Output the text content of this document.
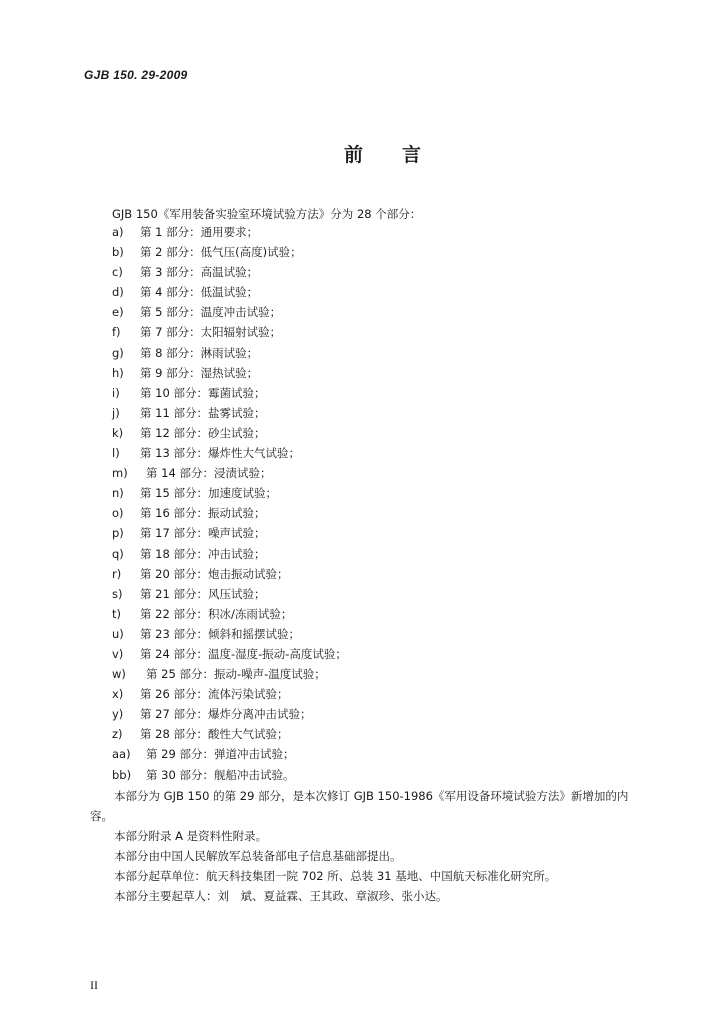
GJB 150. 29-2009
前 言
GJB 150《军用装备实验室环境试验方法》分为 28 个部分：
a)	第 1 部分：通用要求；
b)	第 2 部分：低气压(高度)试验；
c)	第 3 部分：高温试验；
d)	第 4 部分：低温试验；
e)	第 5 部分：温度冲击试验；
f)	第 7 部分：太阳辐射试验；
g)	第 8 部分：淋雨试验；
h)	第 9 部分：湿热试验；
i)	第 10 部分：霉菌试验；
j)	第 11 部分：盐雾试验；
k)	第 12 部分：砂尘试验；
l)	第 13 部分：爆炸性大气试验；
m)	第 14 部分：浸渍试验；
n)	第 15 部分：加速度试验；
o)	第 16 部分：振动试验；
p)	第 17 部分：噪声试验；
q)	第 18 部分：冲击试验；
r)	第 20 部分：炮击振动试验；
s)	第 21 部分：风压试验；
t)	第 22 部分：积冰/冻雨试验；
u)	第 23 部分：倾斜和摇摆试验；
v)	第 24 部分：温度-湿度-振动-高度试验；
w)	第 25 部分：振动-噪声-温度试验；
x)	第 26 部分：流体污染试验；
y)	第 27 部分：爆炸分离冲击试验；
z)	第 28 部分：酸性大气试验；
aa)	第 29 部分：弹道冲击试验；
bb)	第 30 部分：舰船冲击试验。
本部分为 GJB 150 的第 29 部分，是本次修订 GJB 150-1986《军用设备环境试验方法》新增加的内容。
本部分附录 A 是资料性附录。
本部分由中国人民解放军总装备部电子信息基础部提出。
本部分起草单位：航天科技集团一院 702 所、总装 31 基地、中国航天标准化研究所。
本部分主要起草人：刘　斌、夏益霖、王其政、章淑珍、张小达。
II
